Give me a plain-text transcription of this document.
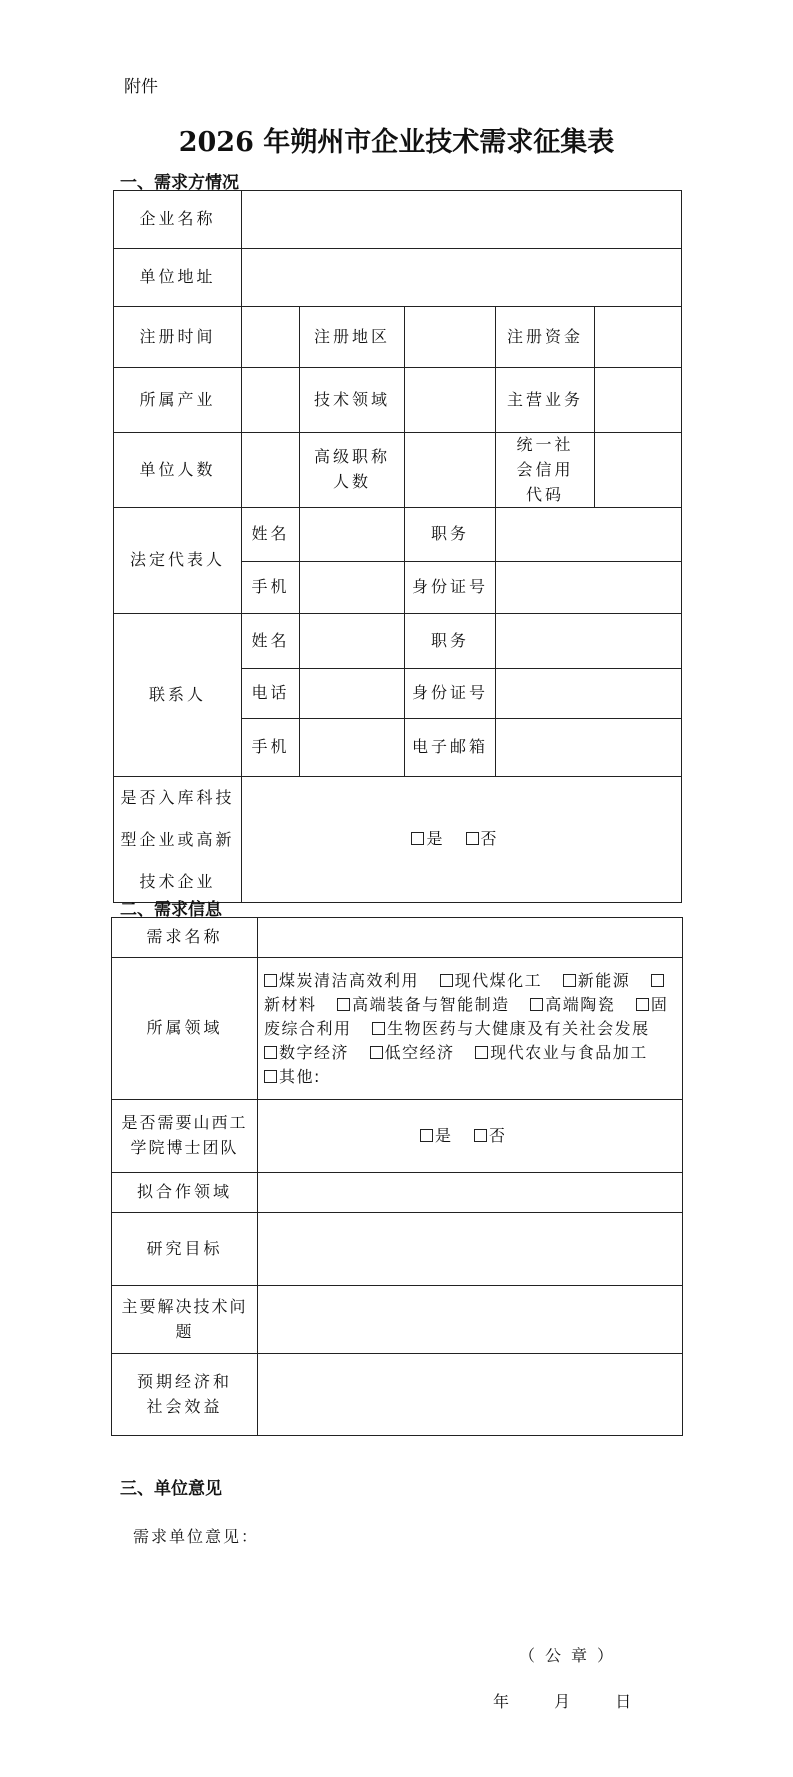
附件
2026 年朔州市企业技术需求征集表
一、需求方情况
企业名称					
单位地址					
注册时间		注册地区		注册资金	
所属产业		技术领域		主营业务	
单位人数		高级职称人数		统一社会信用代码	
法定代表人	姓名		职务		
	手机		身份证号		
联系人	姓名		职务		
	电话		身份证号		
	手机		电子邮箱		
是否入库科技型企业或高新技术企业	是 否				
二、需求信息
需求名称	
所属领域	煤炭清洁高效利用 现代煤化工 新能源 新材料 高端装备与智能制造 高端陶瓷 固废综合利用 生物医药与大健康及有关社会发展 数字经济 低空经济 现代农业与食品加工 其他:
是否需要山西工学院博士团队	是 否
拟合作领域	
研究目标	
主要解决技术问题	
预期经济和社会效益	
三、单位意见
需求单位意见：
（公章）
年	月	日
